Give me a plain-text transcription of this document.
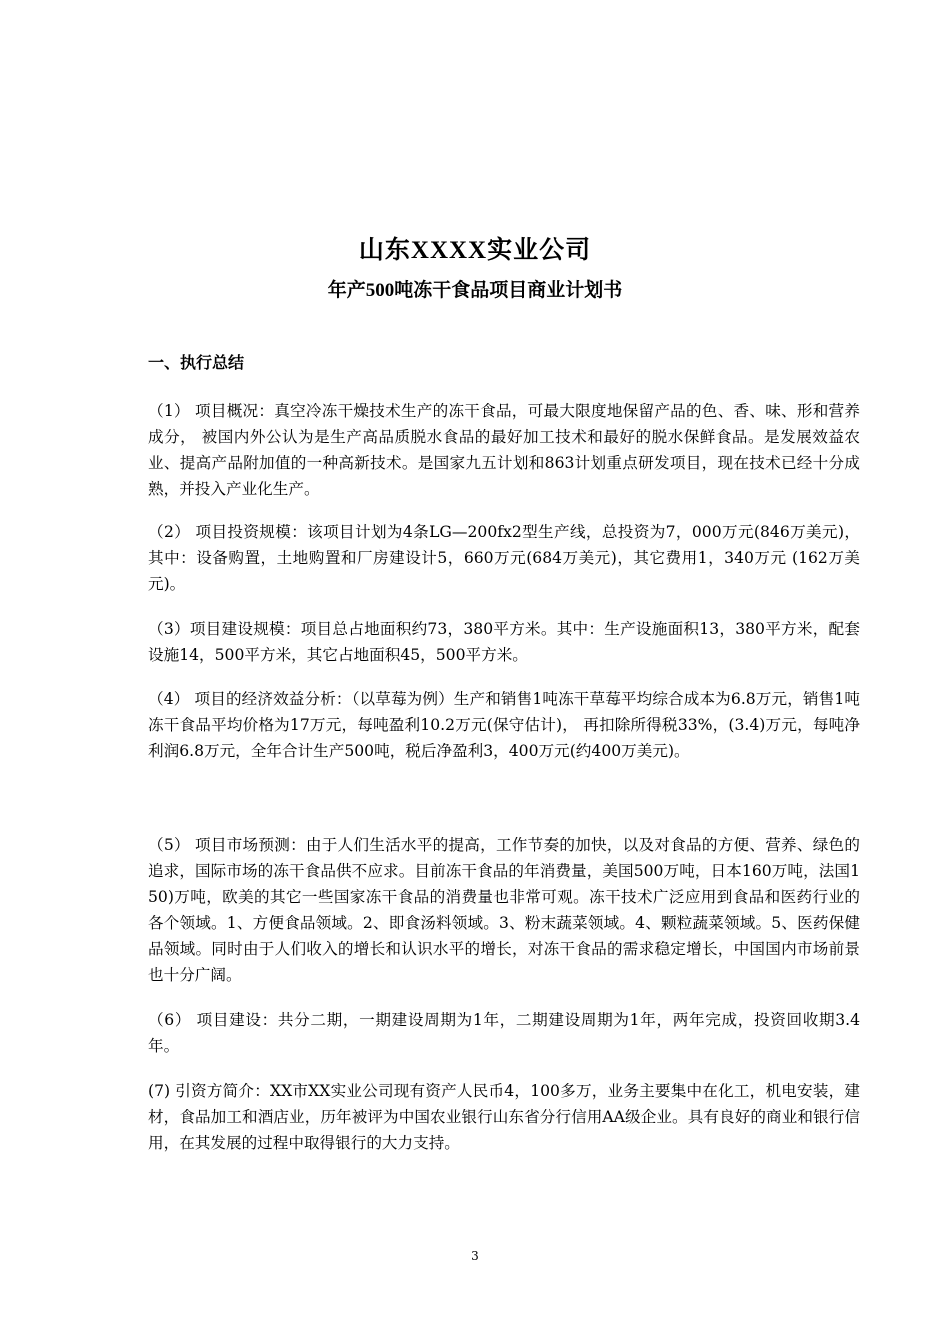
山东XXXX实业公司
年产500吨冻干食品项目商业计划书
一、执行总结
（1） 项目概况：真空冷冻干燥技术生产的冻干食品，可最大限度地保留产品的色、香、味、形和营养成分， 被国内外公认为是生产高品质脱水食品的最好加工技术和最好的脱水保鲜食品。是发展效益农业、提高产品附加值的一种高新技术。是国家九五计划和863计划重点研发项目，现在技术已经十分成熟，并投入产业化生产。
（2） 项目投资规模：该项目计划为4条LG—200fx2型生产线，总投资为7，000万元(846万美元)，其中：设备购置，土地购置和厂房建设计5，660万元(684万美元)，其它费用1，340万元 (162万美元)。
（3）项目建设规模：项目总占地面积约73，380平方米。其中：生产设施面积13，380平方米，配套设施14，500平方米，其它占地面积45，500平方米。
（4） 项目的经济效益分析：（以草莓为例）生产和销售1吨冻干草莓平均综合成本为6.8万元，销售1吨冻干食品平均价格为17万元，每吨盈利10.2万元(保守估计)， 再扣除所得税33%，(3.4)万元，每吨净利润6.8万元，全年合计生产500吨，税后净盈利3，400万元(约400万美元)。
（5） 项目市场预测：由于人们生活水平的提高，工作节奏的加快，以及对食品的方便、营养、绿色的追求，国际市场的冻干食品供不应求。目前冻干食品的年消费量，美国500万吨，日本160万吨，法国150)万吨，欧美的其它一些国家冻干食品的消费量也非常可观。冻干技术广泛应用到食品和医药行业的各个领域。1、方便食品领域。2、即食汤料领域。3、粉末蔬菜领域。4、颗粒蔬菜领域。5、医药保健品领域。同时由于人们收入的增长和认识水平的增长，对冻干食品的需求稳定增长，中国国内市场前景也十分广阔。
（6） 项目建设：共分二期，一期建设周期为1年，二期建设周期为1年，两年完成，投资回收期3.4年。
(7) 引资方简介：XX市XX实业公司现有资产人民币4，100多万，业务主要集中在化工，机电安装，建材，食品加工和酒店业，历年被评为中国农业银行山东省分行信用AA级企业。具有良好的商业和银行信用，在其发展的过程中取得银行的大力支持。
3
